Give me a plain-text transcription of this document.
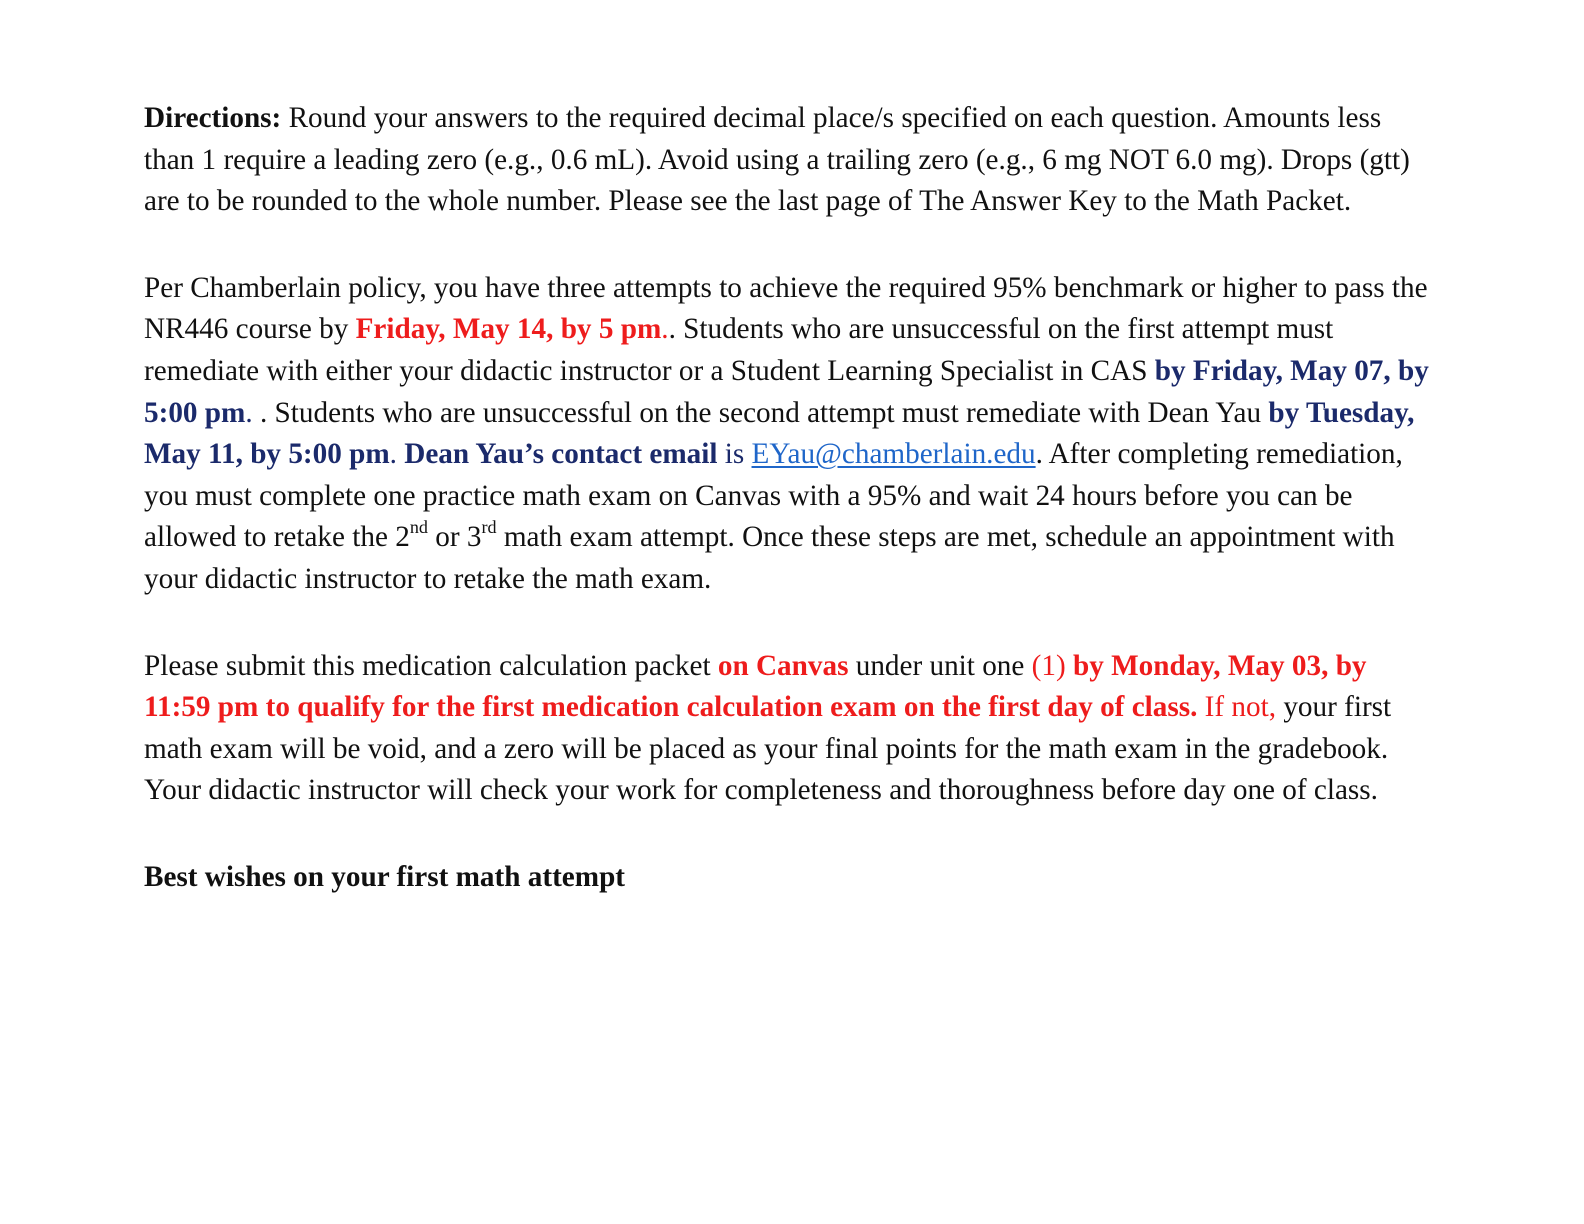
Directions: Round your answers to the required decimal place/s specified on each question. Amounts less than 1 require a leading zero (e.g., 0.6 mL). Avoid using a trailing zero (e.g., 6 mg NOT 6.0 mg). Drops (gtt) are to be rounded to the whole number. Please see the last page of The Answer Key to the Math Packet.

Per Chamberlain policy, you have three attempts to achieve the required 95% benchmark or higher to pass the NR446 course by Friday, May 14, by 5 pm.. Students who are unsuccessful on the first attempt must remediate with either your didactic instructor or a Student Learning Specialist in CAS by Friday, May 07, by 5:00 pm. . Students who are unsuccessful on the second attempt must remediate with Dean Yau by Tuesday, May 11, by 5:00 pm. Dean Yau’s contact email is EYau@chamberlain.edu. After completing remediation, you must complete one practice math exam on Canvas with a 95% and wait 24 hours before you can be allowed to retake the 2nd or 3rd math exam attempt. Once these steps are met, schedule an appointment with your didactic instructor to retake the math exam.

Please submit this medication calculation packet on Canvas under unit one (1) by Monday, May 03, by 11:59 pm to qualify for the first medication calculation exam on the first day of class. If not, your first math exam will be void, and a zero will be placed as your final points for the math exam in the gradebook. Your didactic instructor will check your work for completeness and thoroughness before day one of class.

Best wishes on your first math attempt
